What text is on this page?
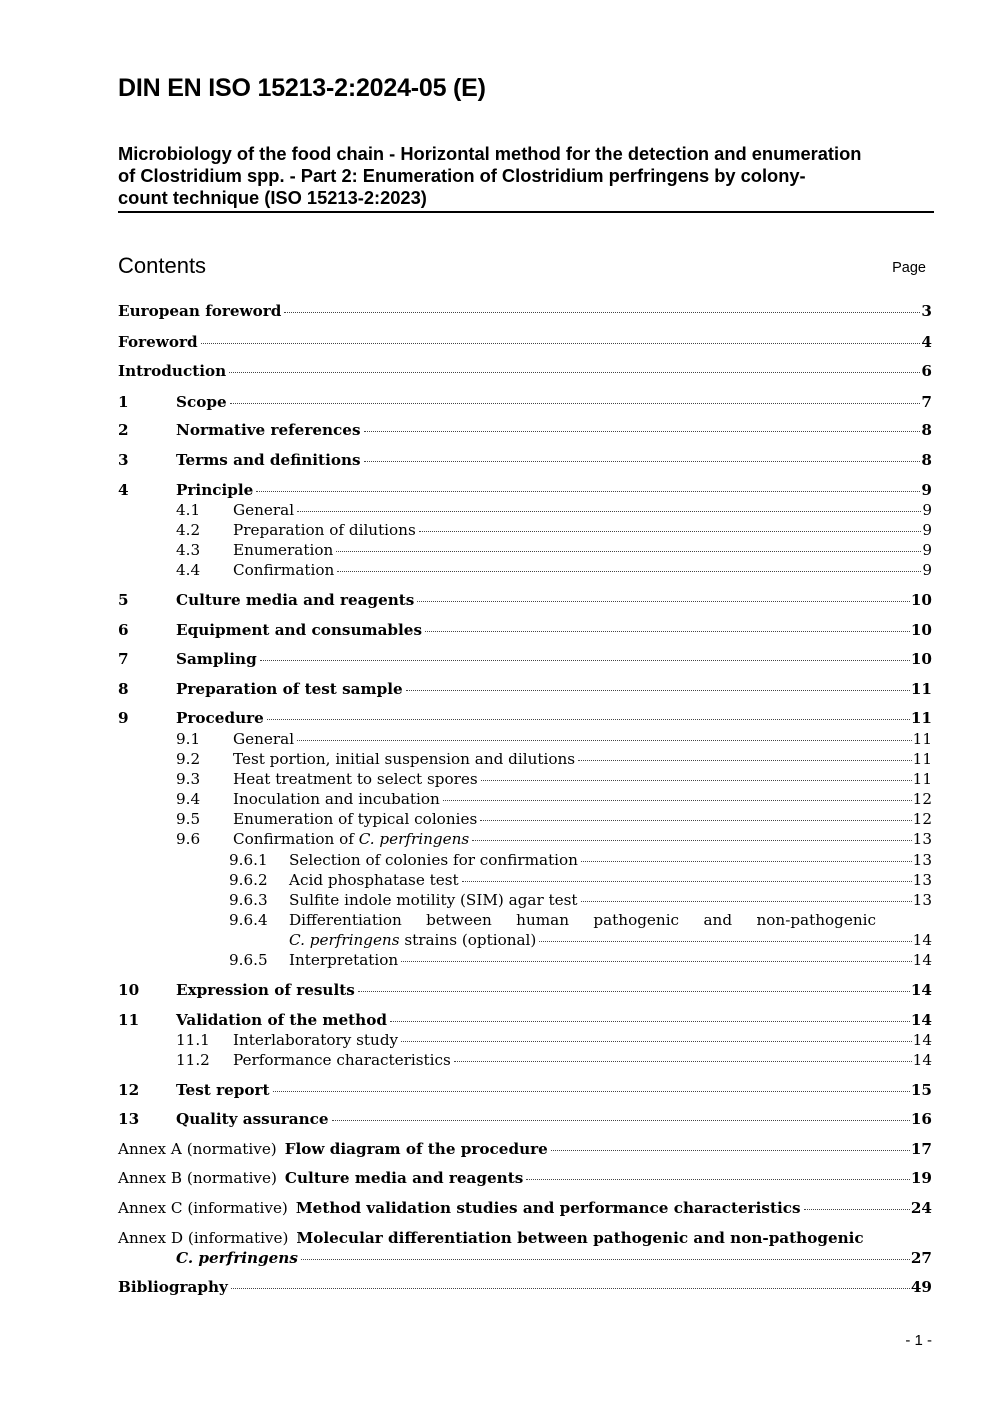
DIN EN ISO 15213-2:2024-05 (E)
Microbiology of the food chain - Horizontal method for the detection and enumeration
of Clostridium spp. - Part 2: Enumeration of Clostridium perfringens by colony-
count technique (ISO 15213-2:2023)
Contents	Page
European foreword	3
Foreword	4
Introduction	6
1	Scope	7
2	Normative references	8
3	Terms and definitions	8
4	Principle	9
4.1	General	9
4.2	Preparation of dilutions	9
4.3	Enumeration	9
4.4	Confirmation	9
5	Culture media and reagents	10
6	Equipment and consumables	10
7	Sampling	10
8	Preparation of test sample	11
9	Procedure	11
9.1	General	11
9.2	Test portion, initial suspension and dilutions	11
9.3	Heat treatment to select spores	11
9.4	Inoculation and incubation	12
9.5	Enumeration of typical colonies	12
9.6	Confirmation of C. perfringens	13
9.6.1	Selection of colonies for confirmation	13
9.6.2	Acid phosphatase test	13
9.6.3	Sulfite indole motility (SIM) agar test	13
9.6.4 Differentiation between human pathogenic and non-pathogenic
C. perfringens strains (optional)	14
9.6.5	Interpretation	14
10	Expression of results	14
11	Validation of the method	14
11.1	Interlaboratory study	14
11.2	Performance characteristics	14
12	Test report	15
13	Quality assurance	16
Annex A (normative) Flow diagram of the procedure	17
Annex B (normative) Culture media and reagents	19
Annex C (informative) Method validation studies and performance characteristics	24
Annex D (informative) Molecular differentiation between pathogenic and non-pathogenic
C. perfringens	27
Bibliography	49
- 1 -
